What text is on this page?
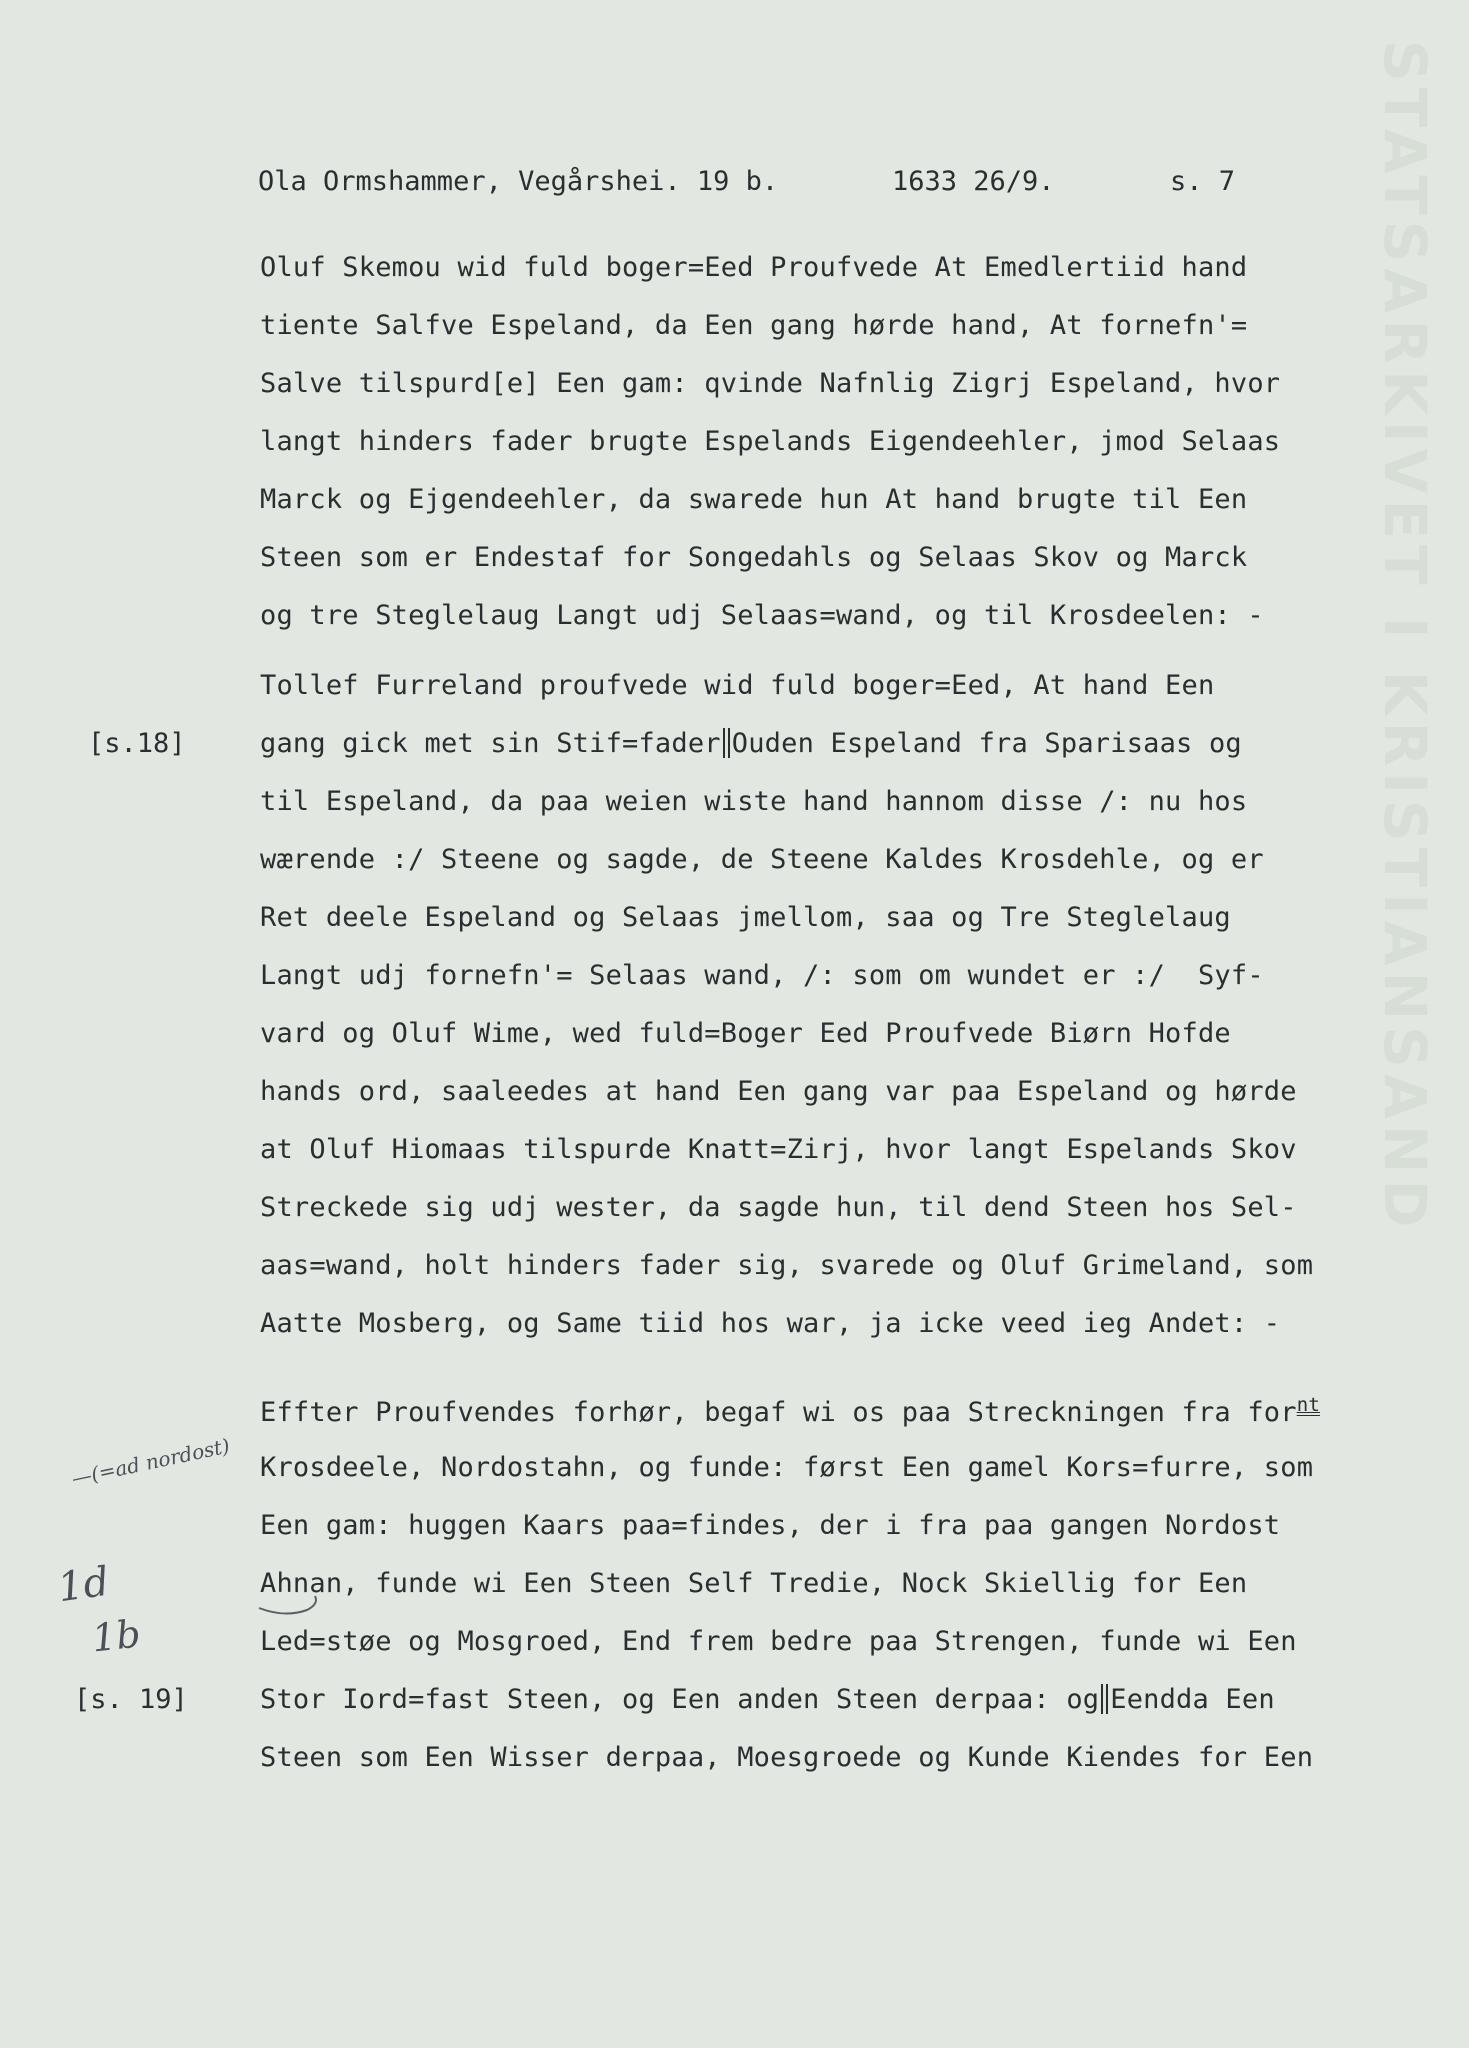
STATSARKIVET I KRISTIANSAND

Ola Ormshammer, Vegårshei. 19 b.

	1633 26/9.

	s. 7

Oluf Skemou wid fuld boger=Eed Proufvede At Emedlertiid hand
tiente Salfve Espeland, da Een gang hørde hand, At fornefn'=
Salve tilspurd[e] Een gam: qvinde Nafnlig Zigrj Espeland, hvor
langt hinders fader brugte Espelands Eigendeehler, jmod Selaas
Marck og Ejgendeehler, da swarede hun At hand brugte til Een
Steen som er Endestaf for Songedahls og Selaas Skov og Marck
og tre Steglelaug Langt udj Selaas=wand, og til Krosdeelen: -
Tollef Furreland proufvede wid fuld boger=Eed, At hand Een
gang gick met sin Stif=fader Ouden Espeland fra Sparisaas og
til Espeland, da paa weien wiste hand hannom disse /: nu hos
wærende :/ Steene og sagde, de Steene Kaldes Krosdehle, og er
Ret deele Espeland og Selaas jmellom, saa og Tre Steglelaug
Langt udj fornefn'= Selaas wand, /: som om wundet er :/  Syf-
vard og Oluf Wime, wed fuld=Boger Eed Proufvede Biørn Hofde
hands ord, saaleedes at hand Een gang var paa Espeland og hørde
at Oluf Hiomaas tilspurde Knatt=Zirj, hvor langt Espelands Skov
Streckede sig udj wester, da sagde hun, til dend Steen hos Sel-
aas=wand, holt hinders fader sig, svarede og Oluf Grimeland, som
Aatte Mosberg, og Same tiid hos war, ja icke veed ieg Andet: -
Effter Proufvendes forhør, begaf wi os paa Streckningen fra for$^{nt}$
Krosdeele, Nordostahn, og funde: først Een gamel Kors=furre, som
Een gam: huggen Kaars paa=findes, der i fra paa gangen Nordost
Ahnan, funde wi Een Steen Self Tredie, Nock Skiellig for Een
Led=støe og Mosgroed, End frem bedre paa Strengen, funde wi Een
Stor Iord=fast Steen, og Een anden Steen derpaa: og Eendda Een
Steen som Een Wisser derpaa, Moesgroede og Kunde Kiendes for Een
[s.18]
[s. 19]
—(=ad nordost)
1d
1b
